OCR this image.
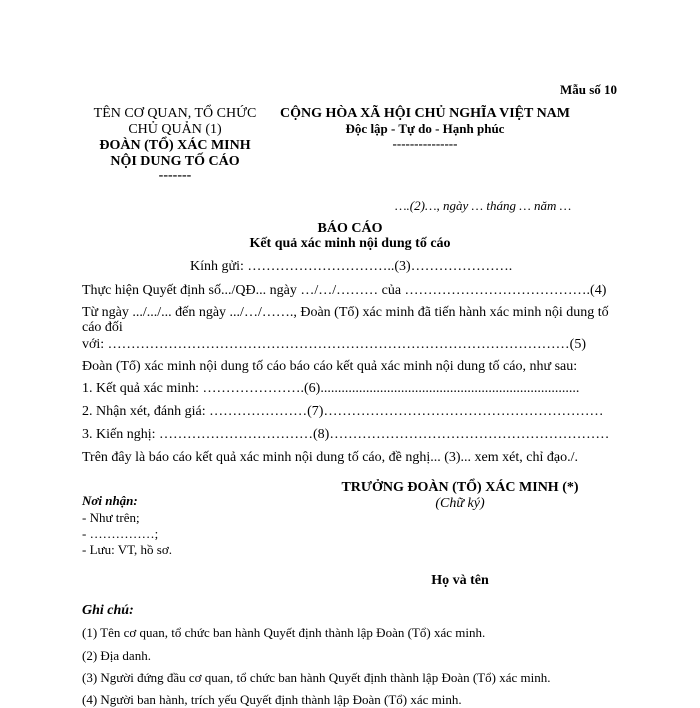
Mẫu số 10
TÊN CƠ QUAN, TỔ CHỨC
CHỦ QUẢN (1)
ĐOÀN (TỔ) XÁC MINH
NỘI DUNG TỐ CÁO
-------
CỘNG HÒA XÃ HỘI CHỦ NGHĨA VIỆT NAM
Độc lập - Tự do - Hạnh phúc
---------------
….(2)…, ngày … tháng … năm …
BÁO CÁO
Kết quả xác minh nội dung tố cáo
Kính gửi: …………………………..(3)………………….
Thực hiện Quyết định số.../QĐ... ngày …/…/……… của ………………………………….(4)
Từ ngày .../.../... đến ngày .../…/……., Đoàn (Tổ) xác minh đã tiến hành xác minh nội dung tố
cáo đối
với: ………………………………………………………………………………………(5)
Đoàn (Tổ) xác minh nội dung tố cáo báo cáo kết quả xác minh nội dung tố cáo, như sau:
1. Kết quả xác minh: ………………….(6)..........................................................................
2. Nhận xét, đánh giá: …………………(7)……………………………………………………
3. Kiến nghị: ……………………………(8)……………………………………………………
Trên đây là báo cáo kết quả xác minh nội dung tố cáo, đề nghị... (3)... xem xét, chỉ đạo./.
Nơi nhận:
- Như trên;
- ……………;
- Lưu: VT, hồ sơ.
TRƯỞNG ĐOÀN (TỔ) XÁC MINH (*)
(Chữ ký)
Họ và tên
Ghi chú:
(1) Tên cơ quan, tổ chức ban hành Quyết định thành lập Đoàn (Tổ) xác minh.
(2) Địa danh.
(3) Người đứng đầu cơ quan, tổ chức ban hành Quyết định thành lập Đoàn (Tổ) xác minh.
(4) Người ban hành, trích yếu Quyết định thành lập Đoàn (Tổ) xác minh.
